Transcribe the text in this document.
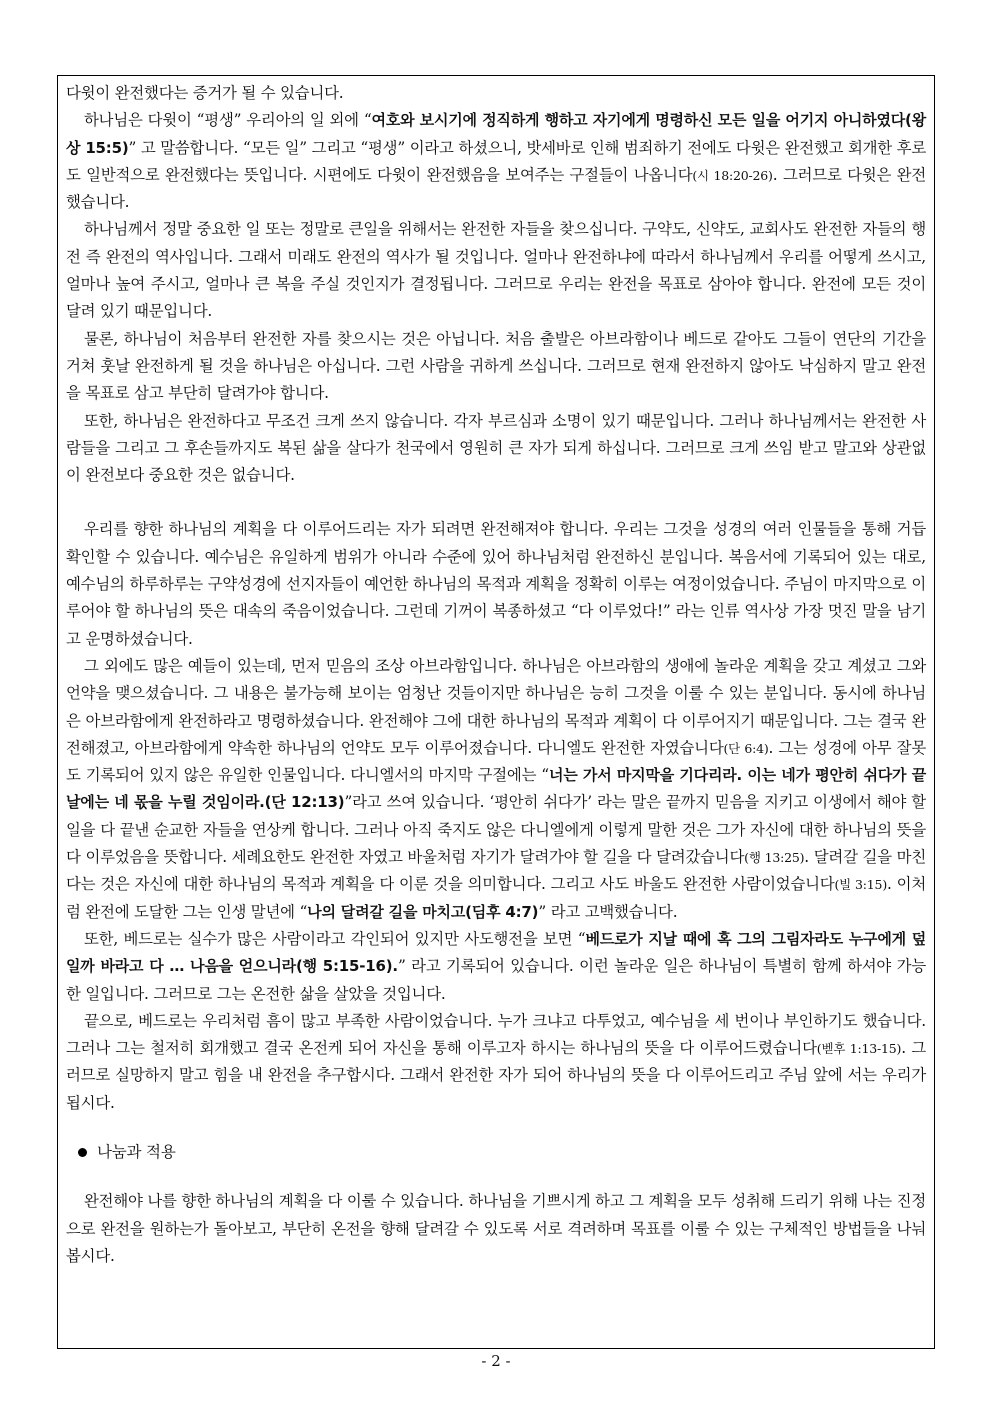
다윗이 완전했다는 증거가 될 수 있습니다.

하나님은 다윗이 “평생” 우리아의 일 외에 “여호와 보시기에 정직하게 행하고 자기에게 명령하신 모든 일을 어기지 아니하였다(왕상 15:5)” 고 말씀합니다. “모든 일” 그리고 “평생” 이라고 하셨으니, 밧세바로 인해 범죄하기 전에도 다윗은 완전했고 회개한 후로도 일반적으로 완전했다는 뜻입니다. 시편에도 다윗이 완전했음을 보여주는 구절들이 나옵니다(시 18:20-26). 그러므로 다윗은 완전했습니다.

하나님께서 정말 중요한 일 또는 정말로 큰일을 위해서는 완전한 자들을 찾으십니다. 구약도, 신약도, 교회사도 완전한 자들의 행전 즉 완전의 역사입니다. 그래서 미래도 완전의 역사가 될 것입니다. 얼마나 완전하냐에 따라서 하나님께서 우리를 어떻게 쓰시고, 얼마나 높여 주시고, 얼마나 큰 복을 주실 것인지가 결정됩니다. 그러므로 우리는 완전을 목표로 삼아야 합니다. 완전에 모든 것이 달려 있기 때문입니다.

물론, 하나님이 처음부터 완전한 자를 찾으시는 것은 아닙니다. 처음 출발은 아브라함이나 베드로 같아도 그들이 연단의 기간을 거쳐 훗날 완전하게 될 것을 하나님은 아십니다. 그런 사람을 귀하게 쓰십니다. 그러므로 현재 완전하지 않아도 낙심하지 말고 완전을 목표로 삼고 부단히 달려가야 합니다.

또한, 하나님은 완전하다고 무조건 크게 쓰지 않습니다. 각자 부르심과 소명이 있기 때문입니다. 그러나 하나님께서는 완전한 사람들을 그리고 그 후손들까지도 복된 삶을 살다가 천국에서 영원히 큰 자가 되게 하십니다. 그러므로 크게 쓰임 받고 말고와 상관없이 완전보다 중요한 것은 없습니다.

우리를 향한 하나님의 계획을 다 이루어드리는 자가 되려면 완전해져야 합니다. 우리는 그것을 성경의 여러 인물들을 통해 거듭 확인할 수 있습니다. 예수님은 유일하게 범위가 아니라 수준에 있어 하나님처럼 완전하신 분입니다. 복음서에 기록되어 있는 대로, 예수님의 하루하루는 구약성경에 선지자들이 예언한 하나님의 목적과 계획을 정확히 이루는 여정이었습니다. 주님이 마지막으로 이루어야 할 하나님의 뜻은 대속의 죽음이었습니다. 그런데 기꺼이 복종하셨고 “다 이루었다!” 라는 인류 역사상 가장 멋진 말을 남기고 운명하셨습니다.

그 외에도 많은 예들이 있는데, 먼저 믿음의 조상 아브라함입니다. 하나님은 아브라함의 생애에 놀라운 계획을 갖고 계셨고 그와 언약을 맺으셨습니다. 그 내용은 불가능해 보이는 엄청난 것들이지만 하나님은 능히 그것을 이룰 수 있는 분입니다. 동시에 하나님은 아브라함에게 완전하라고 명령하셨습니다. 완전해야 그에 대한 하나님의 목적과 계획이 다 이루어지기 때문입니다. 그는 결국 완전해졌고, 아브라함에게 약속한 하나님의 언약도 모두 이루어졌습니다. 다니엘도 완전한 자였습니다(단 6:4). 그는 성경에 아무 잘못도 기록되어 있지 않은 유일한 인물입니다. 다니엘서의 마지막 구절에는 “너는 가서 마지막을 기다리라. 이는 네가 평안히 쉬다가 끝날에는 네 몫을 누릴 것임이라.(단 12:13)”라고 쓰여 있습니다. ‘평안히 쉬다가’ 라는 말은 끝까지 믿음을 지키고 이생에서 해야 할 일을 다 끝낸 순교한 자들을 연상케 합니다. 그러나 아직 죽지도 않은 다니엘에게 이렇게 말한 것은 그가 자신에 대한 하나님의 뜻을 다 이루었음을 뜻합니다. 세례요한도 완전한 자였고 바울처럼 자기가 달려가야 할 길을 다 달려갔습니다(행 13:25). 달려갈 길을 마친다는 것은 자신에 대한 하나님의 목적과 계획을 다 이룬 것을 의미합니다. 그리고 사도 바울도 완전한 사람이었습니다(빌 3:15). 이처럼 완전에 도달한 그는 인생 말년에 “나의 달려갈 길을 마치고(딤후 4:7)” 라고 고백했습니다.

또한, 베드로는 실수가 많은 사람이라고 각인되어 있지만 사도행전을 보면 “베드로가 지날 때에 혹 그의 그림자라도 누구에게 덮일까 바라고 다 … 나음을 얻으니라(행 5:15-16).” 라고 기록되어 있습니다. 이런 놀라운 일은 하나님이 특별히 함께 하셔야 가능한 일입니다. 그러므로 그는 온전한 삶을 살았을 것입니다.

끝으로, 베드로는 우리처럼 흠이 많고 부족한 사람이었습니다. 누가 크냐고 다투었고, 예수님을 세 번이나 부인하기도 했습니다. 그러나 그는 철저히 회개했고 결국 온전케 되어 자신을 통해 이루고자 하시는 하나님의 뜻을 다 이루어드렸습니다(벧후 1:13-15). 그러므로 실망하지 말고 힘을 내 완전을 추구합시다. 그래서 완전한 자가 되어 하나님의 뜻을 다 이루어드리고 주님 앞에 서는 우리가 됩시다.

나눔과 적용

완전해야 나를 향한 하나님의 계획을 다 이룰 수 있습니다. 하나님을 기쁘시게 하고 그 계획을 모두 성취해 드리기 위해 나는 진정으로 완전을 원하는가 돌아보고, 부단히 온전을 향해 달려갈 수 있도록 서로 격려하며 목표를 이룰 수 있는 구체적인 방법들을 나눠봅시다.

- 2 -
